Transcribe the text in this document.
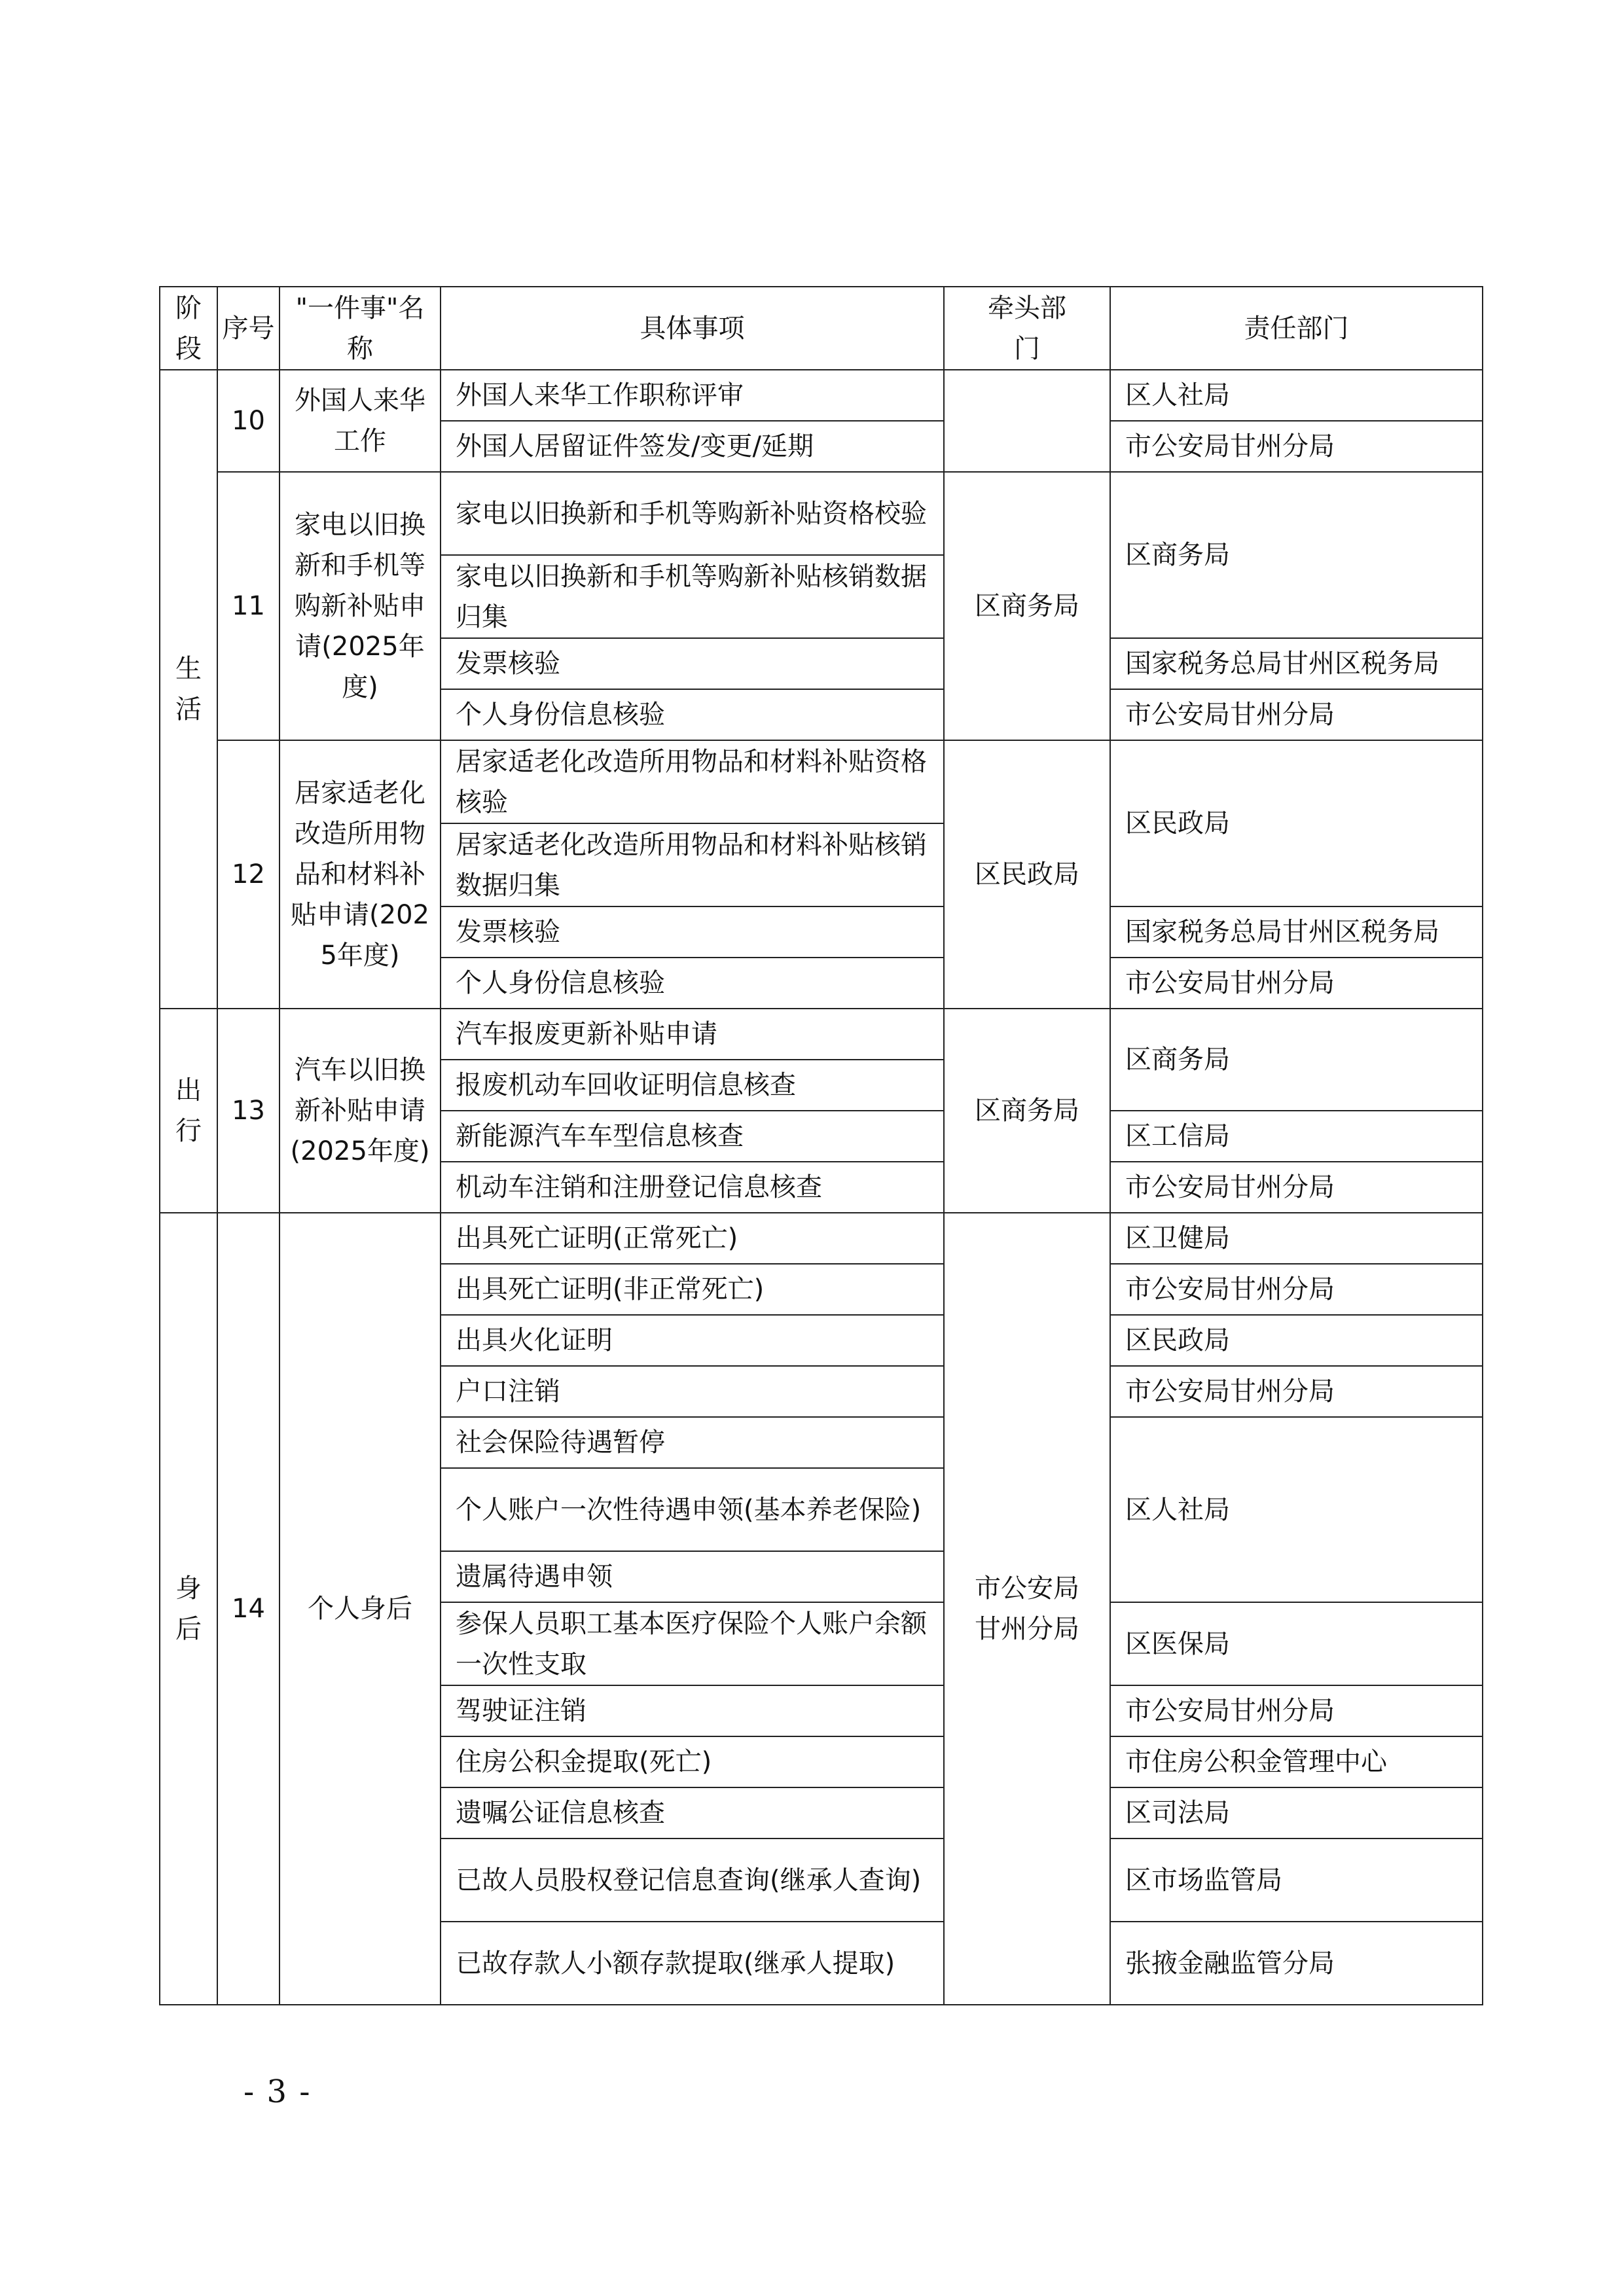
阶段	序号	"一件事"名称	具体事项	牵头部门	责任部门
生活	10	外国人来华工作	外国人来华工作职称评审		区人社局
			外国人居留证件签发/变更/延期		市公安局甘州分局
	11	家电以旧换新和手机等购新补贴申请(2025年度)	家电以旧换新和手机等购新补贴资格校验	区商务局	区商务局
			家电以旧换新和手机等购新补贴核销数据归集		
			发票核验		国家税务总局甘州区税务局
			个人身份信息核验		市公安局甘州分局
	12	居家适老化改造所用物品和材料补贴申请(2025年度)	居家适老化改造所用物品和材料补贴资格核验	区民政局	区民政局
			居家适老化改造所用物品和材料补贴核销数据归集		
			发票核验		国家税务总局甘州区税务局
			个人身份信息核验		市公安局甘州分局
出行	13	汽车以旧换新补贴申请(2025年度)	汽车报废更新补贴申请	区商务局	区商务局
			报废机动车回收证明信息核查		
			新能源汽车车型信息核查		区工信局
			机动车注销和注册登记信息核查		市公安局甘州分局
身后	14	个人身后	出具死亡证明(正常死亡)	市公安局甘州分局	区卫健局
			出具死亡证明(非正常死亡)		市公安局甘州分局
			出具火化证明		区民政局
			户口注销		市公安局甘州分局
			社会保险待遇暂停		区人社局
			个人账户一次性待遇申领(基本养老保险)		
			遗属待遇申领		
			参保人员职工基本医疗保险个人账户余额一次性支取		区医保局
			驾驶证注销		市公安局甘州分局
			住房公积金提取(死亡)		市住房公积金管理中心
			遗嘱公证信息核查		区司法局
			已故人员股权登记信息查询(继承人查询)		区市场监管局
			已故存款人小额存款提取(继承人提取)		张掖金融监管分局
- 3 -
